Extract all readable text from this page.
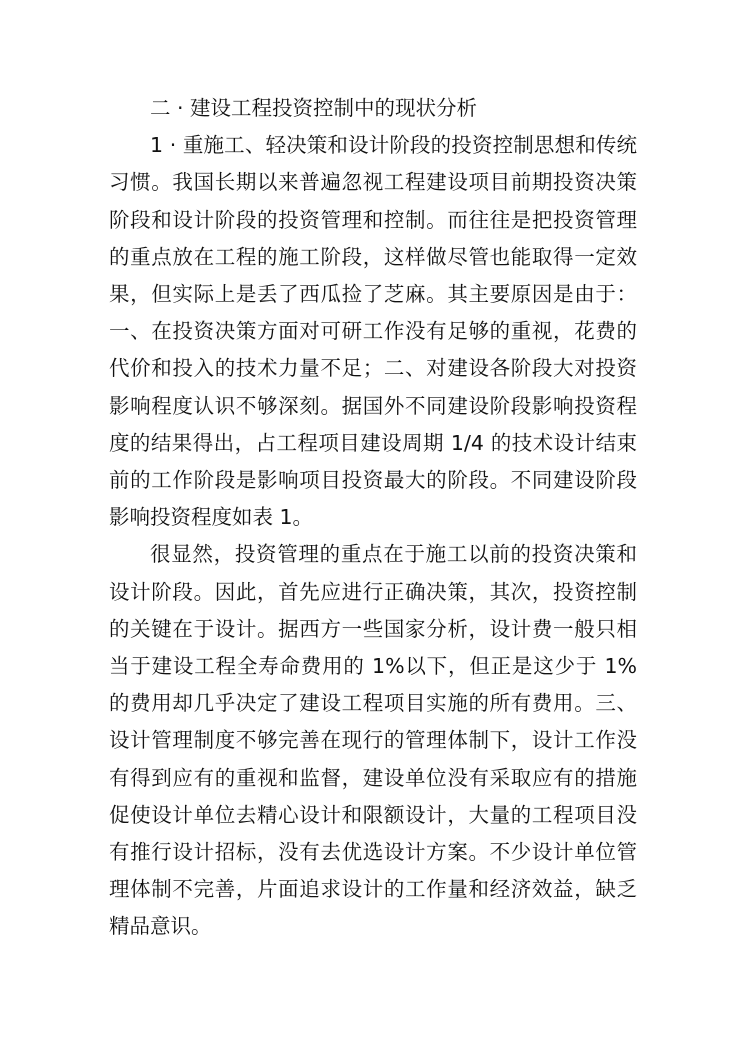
二 · 建设工程投资控制中的现状分析

1 · 重施工、轻决策和设计阶段的投资控制思想和传统习惯。我国长期以来普遍忽视工程建设项目前期投资决策阶段和设计阶段的投资管理和控制。而往往是把投资管理的重点放在工程的施工阶段，这样做尽管也能取得一定效果，但实际上是丢了西瓜捡了芝麻。其主要原因是由于：一、在投资决策方面对可研工作没有足够的重视，花费的代价和投入的技术力量不足；二、对建设各阶段大对投资影响程度认识不够深刻。据国外不同建设阶段影响投资程度的结果得出，占工程项目建设周期 1/4 的技术设计结束前的工作阶段是影响项目投资最大的阶段。不同建设阶段影响投资程度如表 1。

很显然，投资管理的重点在于施工以前的投资决策和设计阶段。因此，首先应进行正确决策，其次，投资控制的关键在于设计。据西方一些国家分析，设计费一般只相当于建设工程全寿命费用的 1%以下，但正是这少于 1%的费用却几乎决定了建设工程项目实施的所有费用。三、设计管理制度不够完善在现行的管理体制下，设计工作没有得到应有的重视和监督，建设单位没有采取应有的措施促使设计单位去精心设计和限额设计，大量的工程项目没有推行设计招标，没有去优选设计方案。不少设计单位管理体制不完善，片面追求设计的工作量和经济效益，缺乏精品意识。
